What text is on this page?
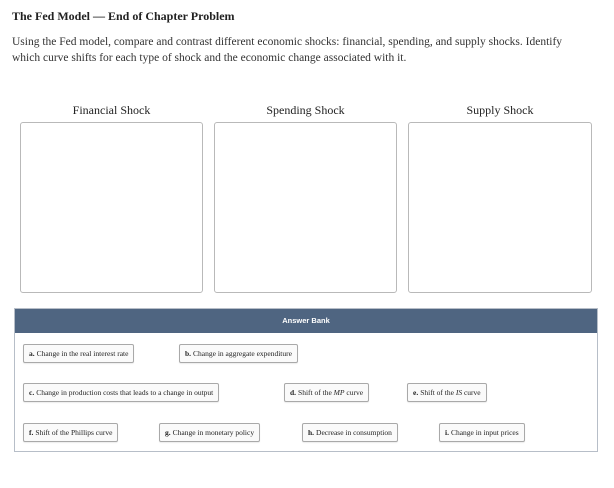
The Fed Model — End of Chapter Problem
Using the Fed model, compare and contrast different economic shocks: financial, spending, and supply shocks. Identify
which curve shifts for each type of shock and the economic change associated with it.
Financial Shock	Spending Shock	Supply Shock
Answer Bank
a. Change in the real interest rate	b. Change in aggregate expenditure
c. Change in production costs that leads to a change in output	d. Shift of the MP curve	e. Shift of the IS curve
f. Shift of the Phillips curve	g. Change in monetary policy	h. Decrease in consumption	i. Change in input prices
